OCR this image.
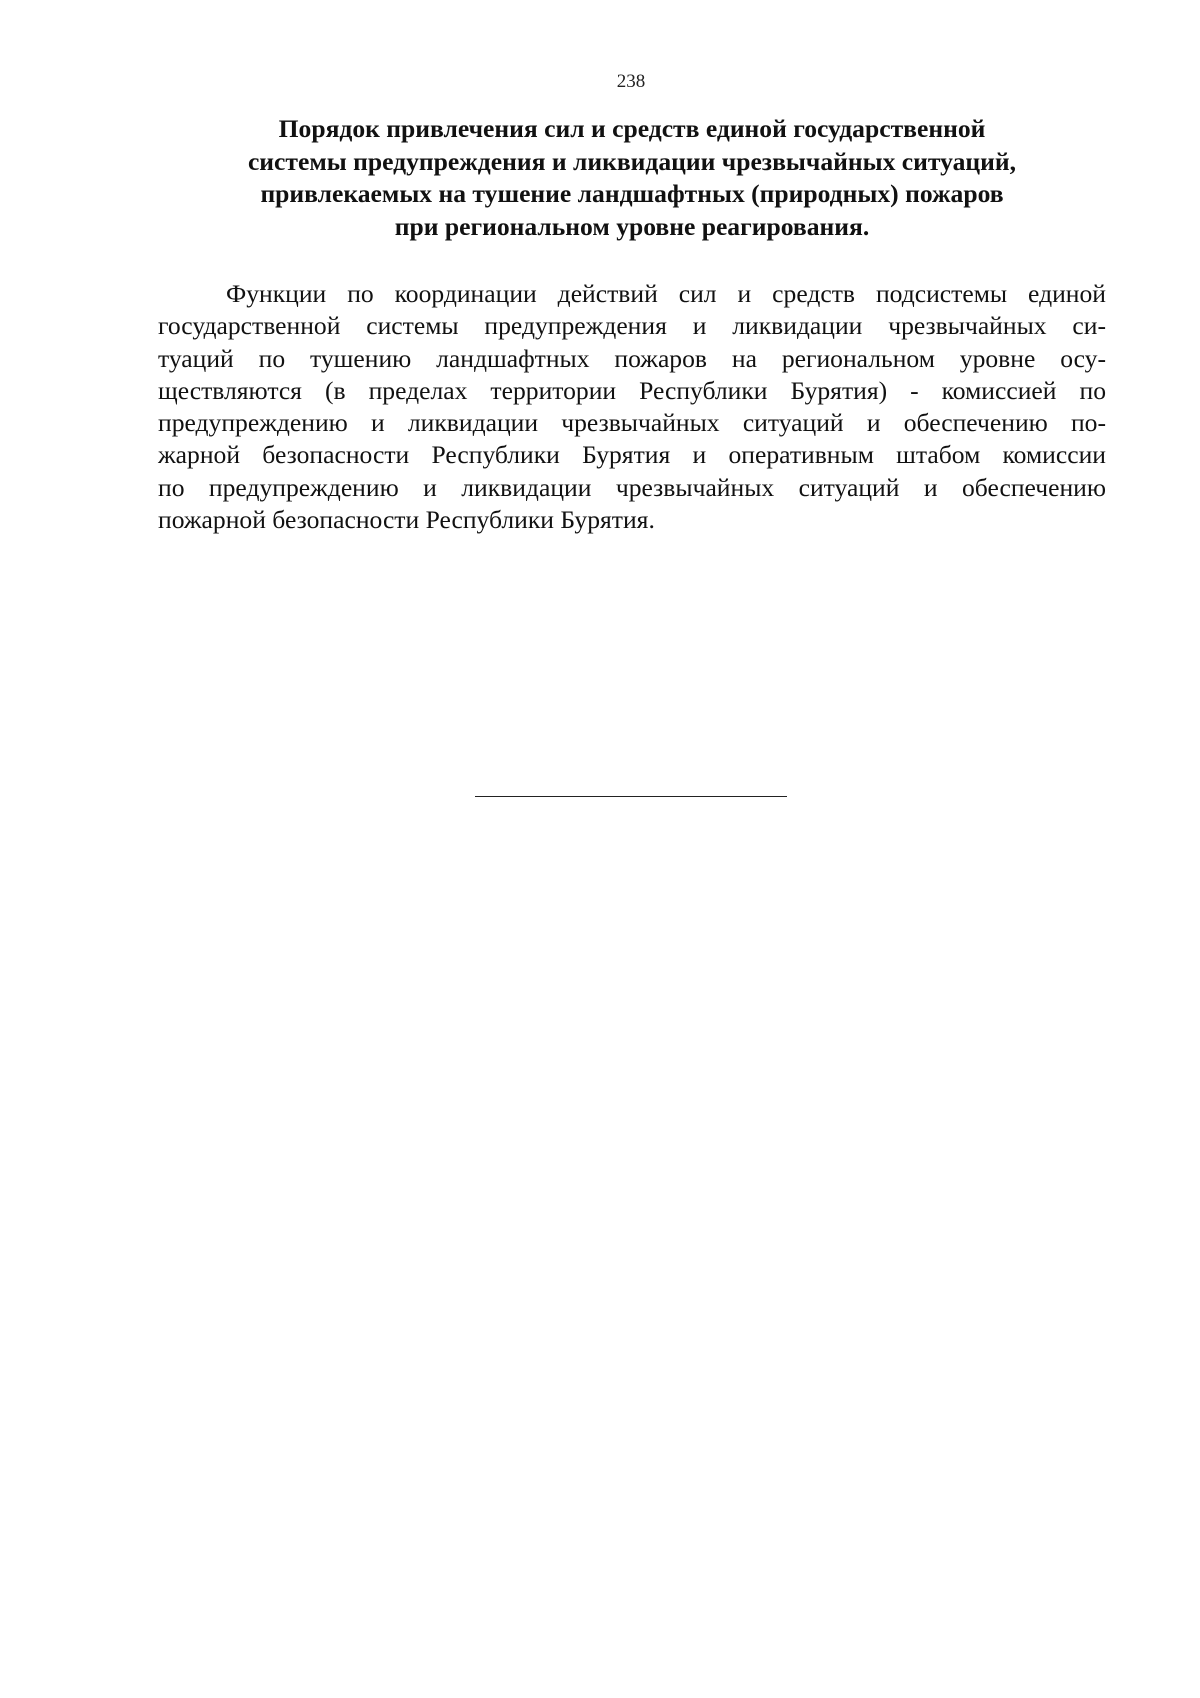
238
Порядок привлечения сил и средств единой государственной
системы предупреждения и ликвидации чрезвычайных ситуаций,
привлекаемых на тушение ландшафтных (природных) пожаров
при региональном уровне реагирования.
Функции по координации действий сил и средств подсистемы единой
государственной системы предупреждения и ликвидации чрезвычайных си-
туаций по тушению ландшафтных пожаров на региональном уровне осу-
ществляются (в пределах территории Республики Бурятия) - комиссией по
предупреждению и ликвидации чрезвычайных ситуаций и обеспечению по-
жарной безопасности Республики Бурятия и оперативным штабом комиссии
по предупреждению и ликвидации чрезвычайных ситуаций и обеспечению
пожарной безопасности Республики Бурятия.
